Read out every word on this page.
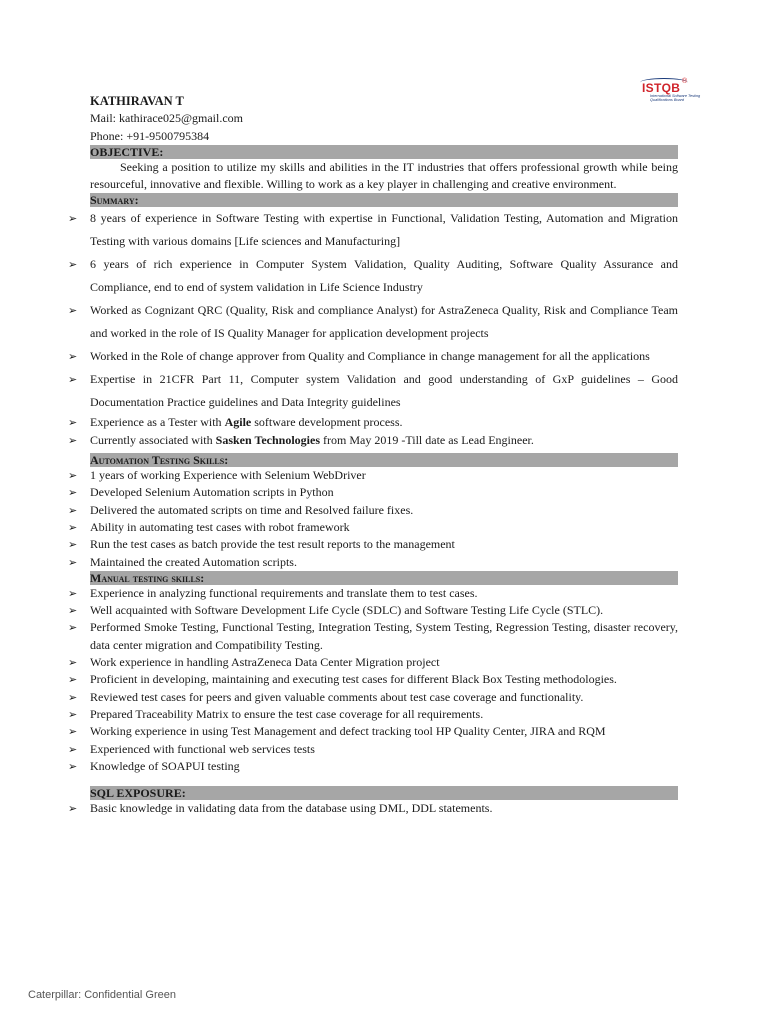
ISTQB ®
International Software Testing Qualifications Board
KATHIRAVAN T
Mail: kathirace025@gmail.com
Phone: +91-9500795384
OBJECTIVE:

Seeking a position to utilize my skills and abilities in the IT industries that offers professional growth while being resourceful, innovative and flexible. Willing to work as a key player in challenging and creative environment.

Summary:
➢ 8 years of experience in Software Testing with expertise in Functional, Validation Testing, Automation and Migration Testing with various domains [Life sciences and Manufacturing]
➢ 6 years of rich experience in Computer System Validation, Quality Auditing, Software Quality Assurance and Compliance, end to end of system validation in Life Science Industry
➢ Worked as Cognizant QRC (Quality, Risk and compliance Analyst) for AstraZeneca Quality, Risk and Compliance Team and worked in the role of IS Quality Manager for application development projects
➢ Worked in the Role of change approver from Quality and Compliance in change management for all the applications
➢ Expertise in 21CFR Part 11, Computer system Validation and good understanding of GxP guidelines – Good Documentation Practice guidelines and Data Integrity guidelines
➢ Experience as a Tester with Agile software development process.
➢ Currently associated with Sasken Technologies from May 2019 -Till date as Lead Engineer.
Automation Testing Skills:
➢ 1 years of working Experience with Selenium WebDriver
➢ Developed Selenium Automation scripts in Python
➢ Delivered the automated scripts on time and Resolved failure fixes.
➢ Ability in automating test cases with robot framework
➢ Run the test cases as batch provide the test result reports to the management
➢ Maintained the created Automation scripts.
Manual testing skills:
➢ Experience in analyzing functional requirements and translate them to test cases.
➢ Well acquainted with Software Development Life Cycle (SDLC) and Software Testing Life Cycle (STLC).
➢ Performed Smoke Testing, Functional Testing, Integration Testing, System Testing, Regression Testing, disaster recovery, data center migration and Compatibility Testing.
➢ Work experience in handling AstraZeneca Data Center Migration project
➢ Proficient in developing, maintaining and executing test cases for different Black Box Testing methodologies.
➢ Reviewed test cases for peers and given valuable comments about test case coverage and functionality.
➢ Prepared Traceability Matrix to ensure the test case coverage for all requirements.
➢ Working experience in using Test Management and defect tracking tool HP Quality Center, JIRA and RQM
➢ Experienced with functional web services tests
➢ Knowledge of SOAPUI testing
SQL EXPOSURE:
➢ Basic knowledge in validating data from the database using DML, DDL statements.
Caterpillar: Confidential Green
